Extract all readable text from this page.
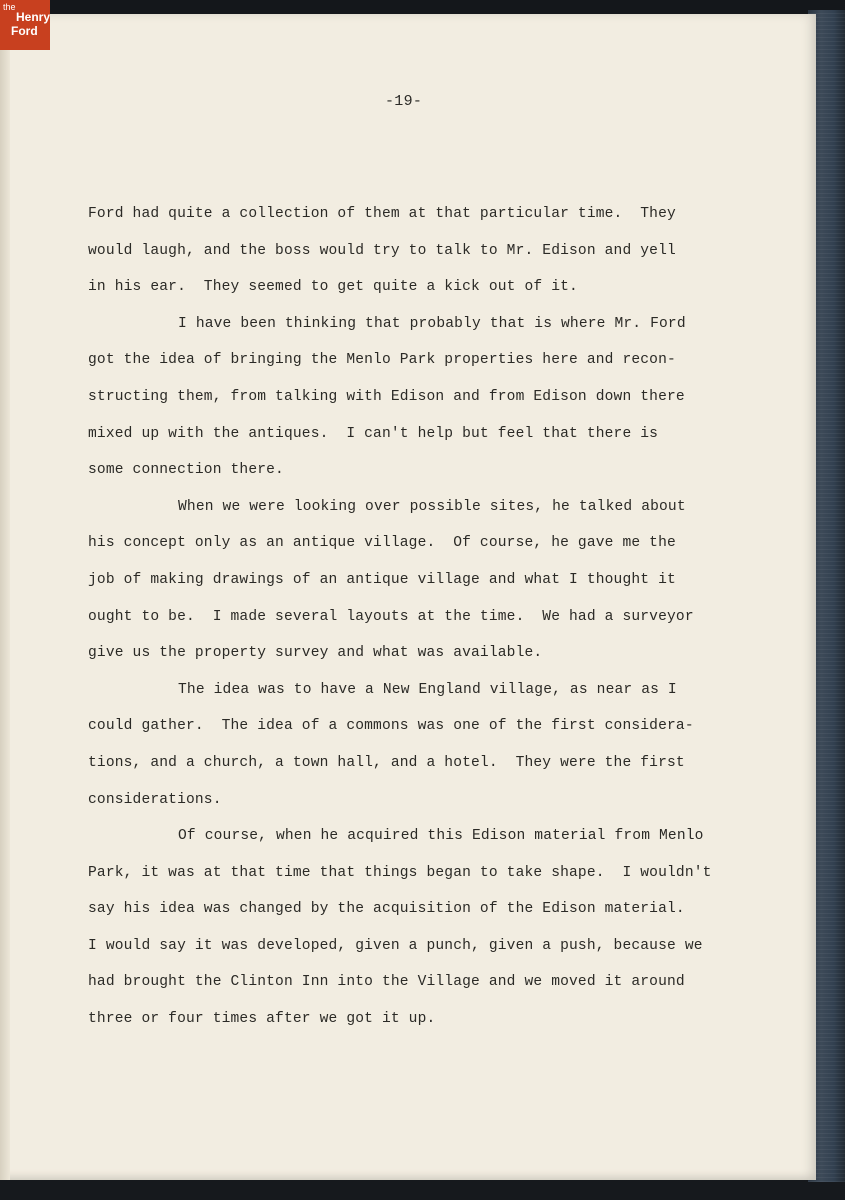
the
Henry
Ford
-19-
Ford had quite a collection of them at that particular time.  They
would laugh, and the boss would try to talk to Mr. Edison and yell
in his ear.  They seemed to get quite a kick out of it.
I have been thinking that probably that is where Mr. Ford
got the idea of bringing the Menlo Park properties here and recon-
structing them, from talking with Edison and from Edison down there
mixed up with the antiques.  I can't help but feel that there is
some connection there.
When we were looking over possible sites, he talked about
his concept only as an antique village.  Of course, he gave me the
job of making drawings of an antique village and what I thought it
ought to be.  I made several layouts at the time.  We had a surveyor
give us the property survey and what was available.
The idea was to have a New England village, as near as I
could gather.  The idea of a commons was one of the first considera-
tions, and a church, a town hall, and a hotel.  They were the first
considerations.
Of course, when he acquired this Edison material from Menlo
Park, it was at that time that things began to take shape.  I wouldn't
say his idea was changed by the acquisition of the Edison material.
I would say it was developed, given a punch, given a push, because we
had brought the Clinton Inn into the Village and we moved it around
three or four times after we got it up.
